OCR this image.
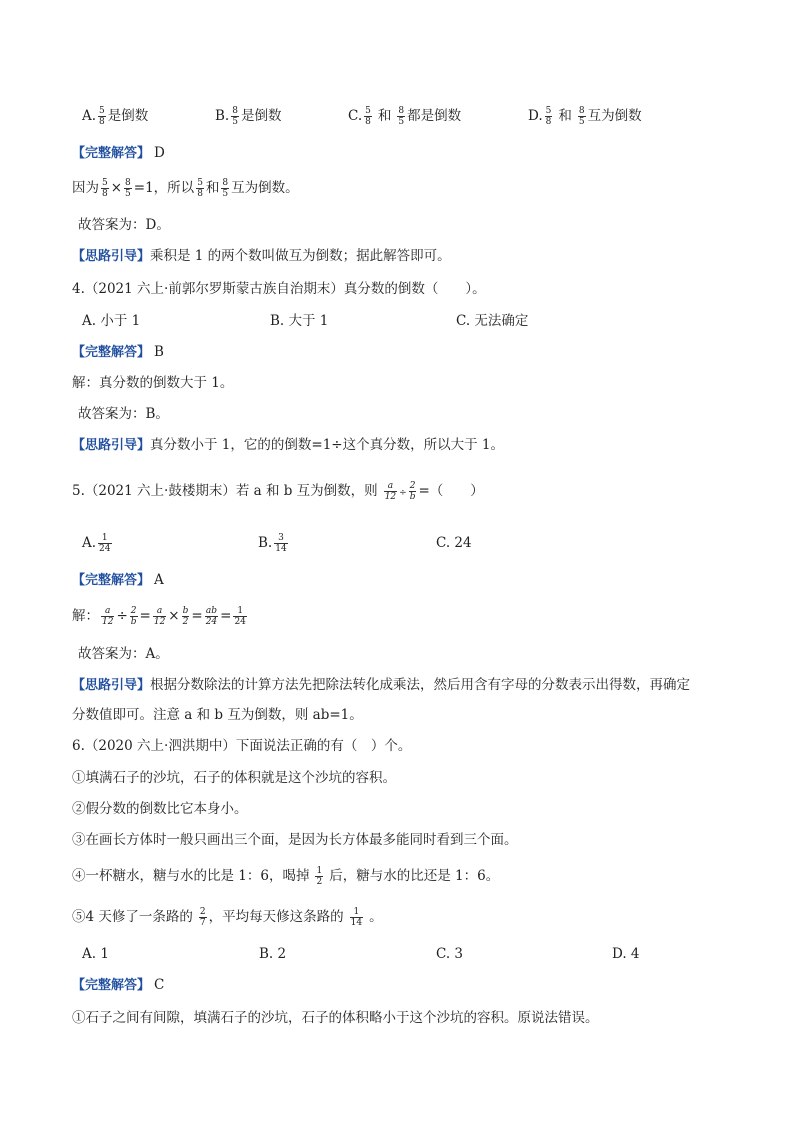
A. $\frac{5}{8}$ 是倒数	B. $\frac{8}{5}$ 是倒数	C. $\frac{5}{8}$ 和 $\frac{8}{5}$ 都是倒数	D. $\frac{5}{8}$ 和 $\frac{8}{5}$ 互为倒数
【完整解答】 D
因为 $\frac{5}{8} \times \frac{8}{5} =1$，所以 $\frac{5}{8}$ 和 $\frac{8}{5}$ 互为倒数。
故答案为：D。
【思路引导】乘积是 1 的两个数叫做互为倒数；据此解答即可。
4.（2021 六上·前郭尔罗斯蒙古族自治期末）真分数的倒数（　　）。
A. 小于 1	B. 大于 1	C. 无法确定
【完整解答】 B
解：真分数的倒数大于 1。
故答案为：B。
【思路引导】真分数小于 1，它的的倒数=1÷这个真分数，所以大于 1。
5.（2021 六上·鼓楼期末）若 a 和 b 互为倒数，则 $\frac{a}{12} \div \frac{2}{b}$ =（　　）
A. $\frac{1}{24}$	B. $\frac{3}{14}$	C. 24
【完整解答】 A
解： $\frac{a}{12} \div \frac{2}{b} = \frac{a}{12} \times \frac{b}{2} = \frac{ab}{24} = \frac{1}{24}$
故答案为：A。
【思路引导】根据分数除法的计算方法先把除法转化成乘法，然后用含有字母的分数表示出得数，再确定
分数值即可。注意 a 和 b 互为倒数，则 ab=1。
6.（2020 六上·泗洪期中）下面说法正确的有（　）个。
①填满石子的沙坑，石子的体积就是这个沙坑的容积。
②假分数的倒数比它本身小。
③在画长方体时一般只画出三个面，是因为长方体最多能同时看到三个面。
④一杯糖水，糖与水的比是 1：6，喝掉 $\frac{1}{2}$ 后，糖与水的比还是 1：6。
⑤4 天修了一条路的 $\frac{2}{7}$ ，平均每天修这条路的 $\frac{1}{14}$ 。
A. 1	B. 2	C. 3	D. 4
【完整解答】 C
①石子之间有间隙，填满石子的沙坑，石子的体积略小于这个沙坑的容积。原说法错误。
